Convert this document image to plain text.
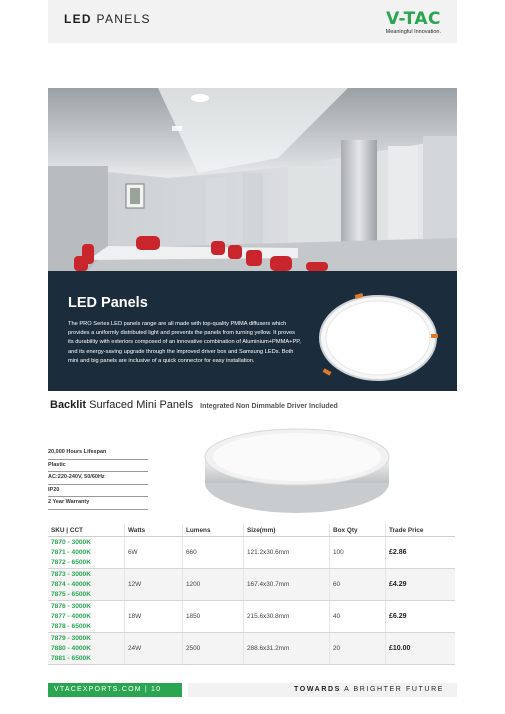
LED PANELS	V-TAC
Meaningful Innovation.
LED Panels
The PRO Series LED panels range are all made with top-quality PMMA diffusers which provides a uniformly distributed light and prevents the panels from turning yellow. It proves its durability with exteriors composed of an innovative combination of Aluminium+PMMA+PP, and its energy-saving upgrade through the improved driver box and Samsung LEDs. Both mini and big panels are inclusive of a quick connector for easy installation.
Backlit Surfaced Mini Panels Integrated Non Dimmable Driver Included
20,000 Hours Lifespan
Plastic
AC:220-240V, 50/60Hz
IP20
2 Year Warranty
SKU | CCT	Watts	Lumens	Size(mm)	Box Qty	Trade Price
7870 - 3000K
7871 - 4000K
7872 - 6500K
6W	660	121.2x30.6mm	100	£2.86
7873 - 3000K
7874 - 4000K
7875 - 6500K
12W	1200	167.4x30.7mm	60	£4.29
7876 - 3000K
7877 - 4000K
7878 - 6500K
18W	1850	215.6x30.8mm	40	£6.29
7879 - 3000K
7880 - 4000K
7881 - 6500K
24W	2500	288.6x31.2mm	20	£10.00
VTACEXPORTS.COM | 10	TOWARDS A BRIGHTER FUTURE
